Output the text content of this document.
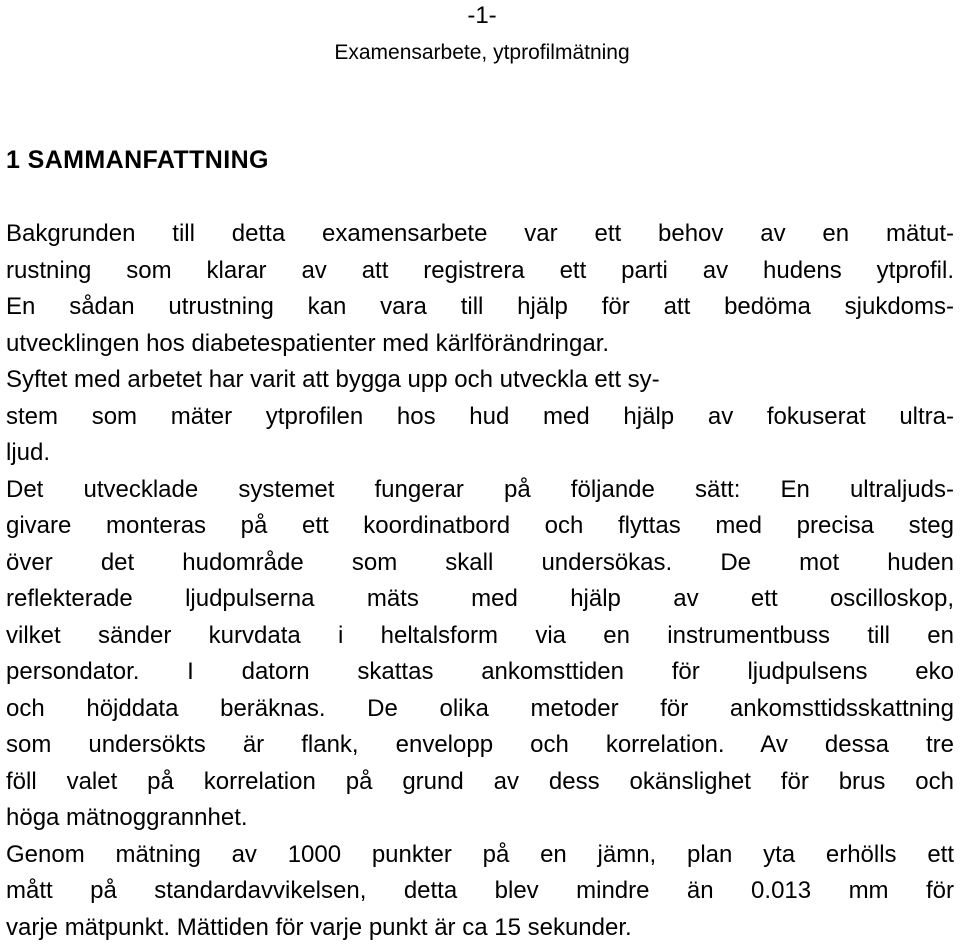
-1-
Examensarbete, ytprofilmätning
1 SAMMANFATTNING
Bakgrunden till detta examensarbete var ett behov av en mätut-
rustning som klarar av att registrera ett parti av hudens ytprofil.
En sådan utrustning kan vara till hjälp för att bedöma sjukdoms-
utvecklingen hos diabetespatienter med kärlförändringar.
Syftet med arbetet har varit att bygga upp och utveckla ett sy-
stem som mäter ytprofilen hos hud med hjälp av fokuserat ultra-
ljud.
Det utvecklade systemet fungerar på följande sätt: En ultraljuds-
givare monteras på ett koordinatbord och flyttas med precisa steg
över det hudområde som skall undersökas. De mot huden
reflekterade ljudpulserna mäts med hjälp av ett oscilloskop,
vilket sänder kurvdata i heltalsform via en instrumentbuss till en
persondator. I datorn skattas ankomsttiden för ljudpulsens eko
och höjddata beräknas. De olika metoder för ankomsttidsskattning
som undersökts är flank, envelopp och korrelation. Av dessa tre
föll valet på korrelation på grund av dess okänslighet för brus och
höga mätnoggrannhet.
Genom mätning av 1000 punkter på en jämn, plan yta erhölls ett
mått på standardavvikelsen, detta blev mindre än 0.013 mm för
varje mätpunkt. Mättiden för varje punkt är ca 15 sekunder.
